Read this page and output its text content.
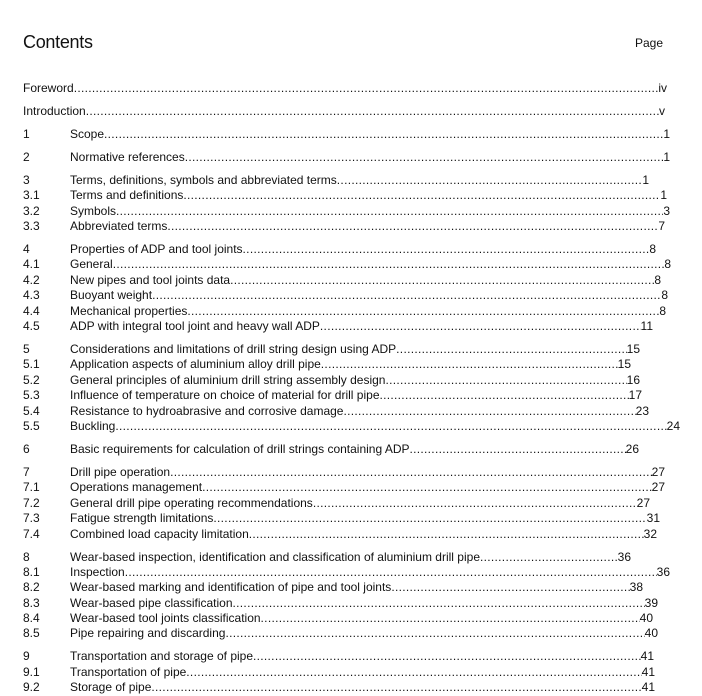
Contents	Page
Foreword .....	iv
Introduction .....	v
1	Scope .....	1
2	Normative references .....	1
3	Terms, definitions, symbols and abbreviated terms .....	1
3.1	Terms and definitions .....	1
3.2	Symbols .....	3
3.3	Abbreviated terms .....	7
4	Properties of ADP and tool joints .....	8
4.1	General .....	8
4.2	New pipes and tool joints data .....	8
4.3	Buoyant weight .....	8
4.4	Mechanical properties .....	8
4.5	ADP with integral tool joint and heavy wall ADP .....	11
5	Considerations and limitations of drill string design using ADP .....	15
5.1	Application aspects of aluminium alloy drill pipe .....	15
5.2	General principles of aluminium drill string assembly design .....	16
5.3	Influence of temperature on choice of material for drill pipe .....	17
5.4	Resistance to hydroabrasive and corrosive damage .....	23
5.5	Buckling .....	24
6	Basic requirements for calculation of drill strings containing ADP .....	26
7	Drill pipe operation .....	27
7.1	Operations management .....	27
7.2	General drill pipe operating recommendations .....	27
7.3	Fatigue strength limitations .....	31
7.4	Combined load capacity limitation .....	32
8	Wear-based inspection, identification and classification of aluminium drill pipe .....	36
8.1	Inspection .....	36
8.2	Wear-based marking and identification of pipe and tool joints .....	38
8.3	Wear-based pipe classification .....	39
8.4	Wear-based tool joints classification .....	40
8.5	Pipe repairing and discarding .....	40
9	Transportation and storage of pipe .....	41
9.1	Transportation of pipe .....	41
9.2	Storage of pipe .....	41
